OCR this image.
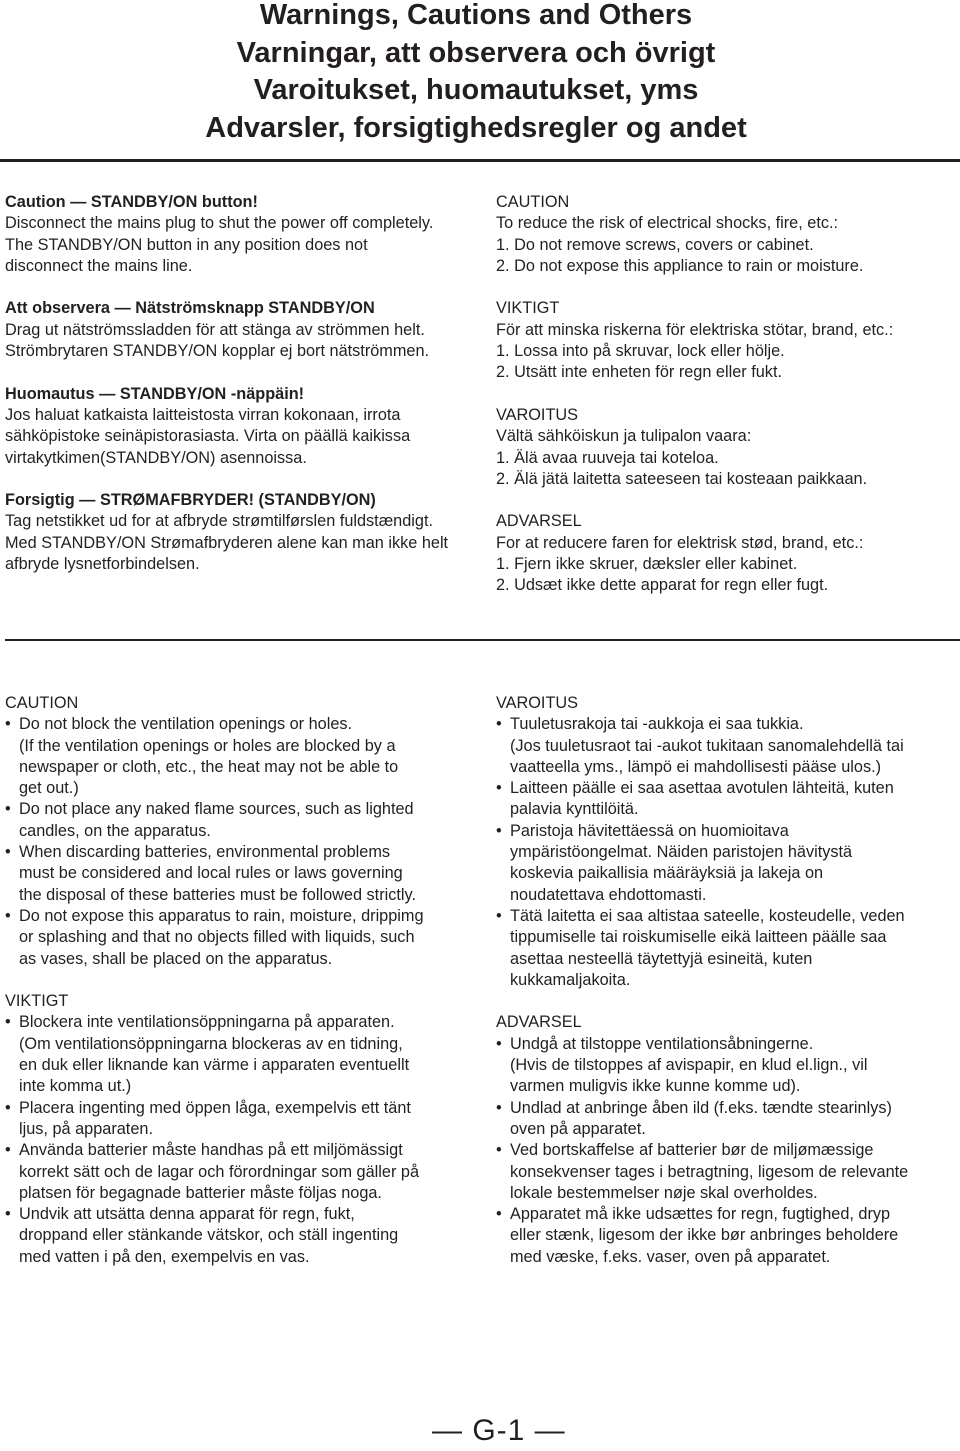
Warnings, Cautions and Others

Varningar, att observera och övrigt

Varoitukset, huomautukset, yms

Advarsler, forsigtighedsregler og andet

Caution — STANDBY/ON button!

Disconnect the mains plug to shut the power off completely. The STANDBY/ON button in any position does not disconnect the mains line.

Att observera — Nätströmsknapp STANDBY/ON

Drag ut nätströmssladden för att stänga av strömmen helt. Strömbrytaren STANDBY/ON kopplar ej bort nätströmmen.

Huomautus — STANDBY/ON -näppäin!

Jos haluat katkaista laitteistosta virran kokonaan, irrota sähköpistoke seinäpistorasiasta. Virta on päällä kaikissa virtakytkimen(STANDBY/ON) asennoissa.

Forsigtig — STRØMAFBRYDER! (STANDBY/ON)

Tag netstikket ud for at afbryde strømtilførslen fuldstændigt. Med STANDBY/ON Strømafbryderen alene kan man ikke helt afbryde lysnetforbindelsen.

CAUTION

To reduce the risk of electrical shocks, fire, etc.:

1. Do not remove screws, covers or cabinet.

2. Do not expose this appliance to rain or moisture.

VIKTIGT

För att minska riskerna för elektriska stötar, brand, etc.:

1. Lossa into på skruvar, lock eller hölje.

2. Utsätt inte enheten för regn eller fukt.

VAROITUS

Vältä sähköiskun ja tulipalon vaara:

1. Älä avaa ruuveja tai koteloa.

2. Älä jätä laitetta sateeseen tai kosteaan paikkaan.

ADVARSEL

For at reducere faren for elektrisk stød, brand, etc.:

1. Fjern ikke skruer, dæksler eller kabinet.

2. Udsæt ikke dette apparat for regn eller fugt.

CAUTION

• Do not block the ventilation openings or holes.
(If the ventilation openings or holes are blocked by a
newspaper or cloth, etc., the heat may not be able to
get out.)
• Do not place any naked flame sources, such as lighted
candles, on the apparatus.
• When discarding batteries, environmental problems
must be considered and local rules or laws governing
the disposal of these batteries must be followed strictly.
• Do not expose this apparatus to rain, moisture, drippimg
or splashing and that no objects filled with liquids, such
as vases, shall be placed on the apparatus.

VIKTIGT

• Blockera inte ventilationsöppningarna på apparaten.
(Om ventilationsöppningarna blockeras av en tidning,
en duk eller liknande kan värme i apparaten eventuellt
inte komma ut.)
• Placera ingenting med öppen låga, exempelvis ett tänt
ljus, på apparaten.
• Använda batterier måste handhas på ett miljömässigt
korrekt sätt och de lagar och förordningar som gäller på
platsen för begagnade batterier måste följas noga.
• Undvik att utsätta denna apparat för regn, fukt,
droppand eller stänkande vätskor, och ställ ingenting
med vatten i på den, exempelvis en vas.

VAROITUS

• Tuuletusrakoja tai -aukkoja ei saa tukkia.
(Jos tuuletusraot tai -aukot tukitaan sanomalehdellä tai
vaatteella yms., lämpö ei mahdollisesti pääse ulos.)
• Laitteen päälle ei saa asettaa avotulen lähteitä, kuten
palavia kynttilöitä.
• Paristoja hävitettäessä on huomioitava
ympäristöongelmat. Näiden paristojen hävitystä
koskevia paikallisia määräyksiä ja lakeja on
noudatettava ehdottomasti.
• Tätä laitetta ei saa altistaa sateelle, kosteudelle, veden
tippumiselle tai roiskumiselle eikä laitteen päälle saa
asettaa nesteellä täytettyjä esineitä, kuten
kukkamaljakoita.

ADVARSEL

• Undgå at tilstoppe ventilationsåbningerne.
(Hvis de tilstoppes af avispapir, en klud el.lign., vil
varmen muligvis ikke kunne komme ud).
• Undlad at anbringe åben ild (f.eks. tændte stearinlys)
oven på apparatet.
• Ved bortskaffelse af batterier bør de miljømæssige
konsekvenser tages i betragtning, ligesom de relevante
lokale bestemmelser nøje skal overholdes.
• Apparatet må ikke udsættes for regn, fugtighed, dryp
eller stænk, ligesom der ikke bør anbringes beholdere
med væske, f.eks. vaser, oven på apparatet.
— G-1 —
